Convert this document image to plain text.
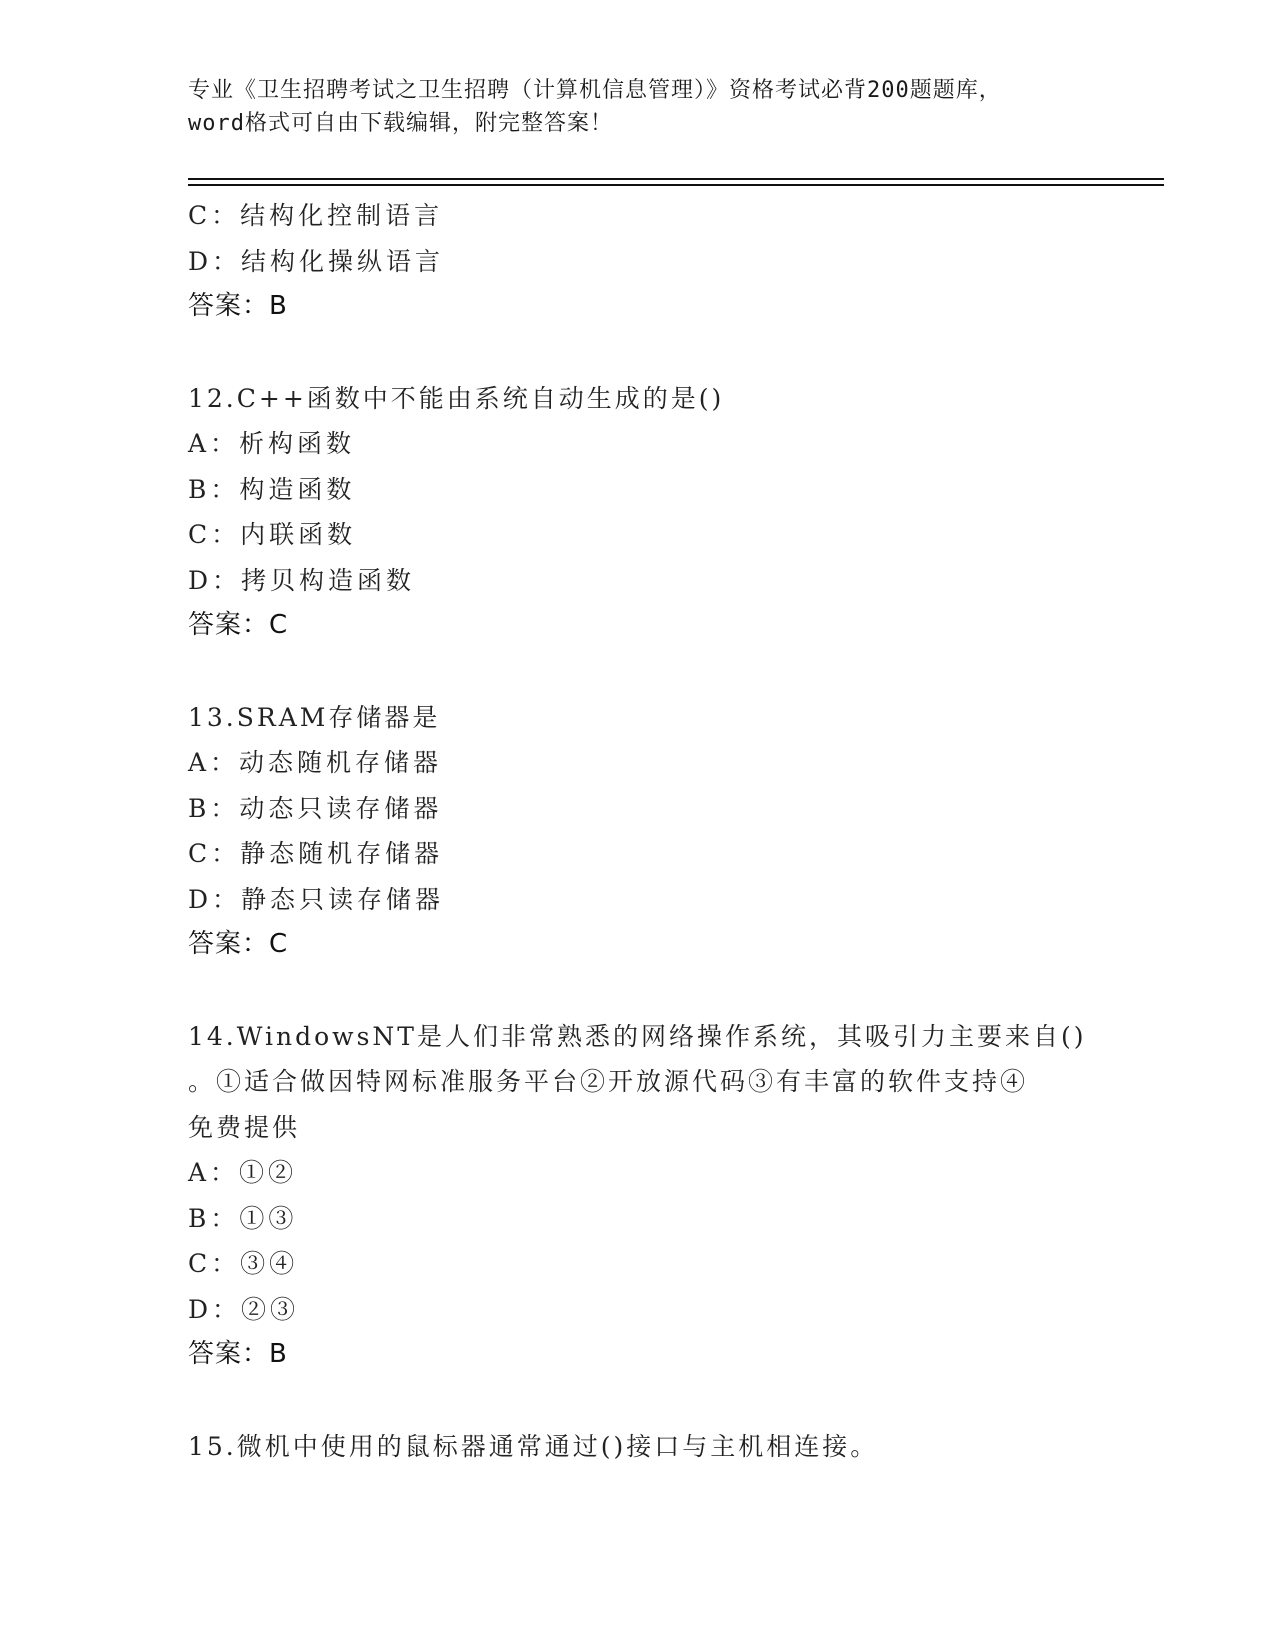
专业《卫生招聘考试之卫生招聘（计算机信息管理）》资格考试必背200题题库，
word格式可自由下载编辑，附完整答案！
C：结构化控制语言
D：结构化操纵语言
答案：B
12.C++函数中不能由系统自动生成的是()
A：析构函数
B：构造函数
C：内联函数
D：拷贝构造函数
答案：C
13.SRAM存储器是
A：动态随机存储器
B：动态只读存储器
C：静态随机存储器
D：静态只读存储器
答案：C
14.WindowsNT是人们非常熟悉的网络操作系统，其吸引力主要来自()
。①适合做因特网标准服务平台②开放源代码③有丰富的软件支持④
免费提供
A：①②
B：①③
C：③④
D：②③
答案：B
15.微机中使用的鼠标器通常通过()接口与主机相连接。
